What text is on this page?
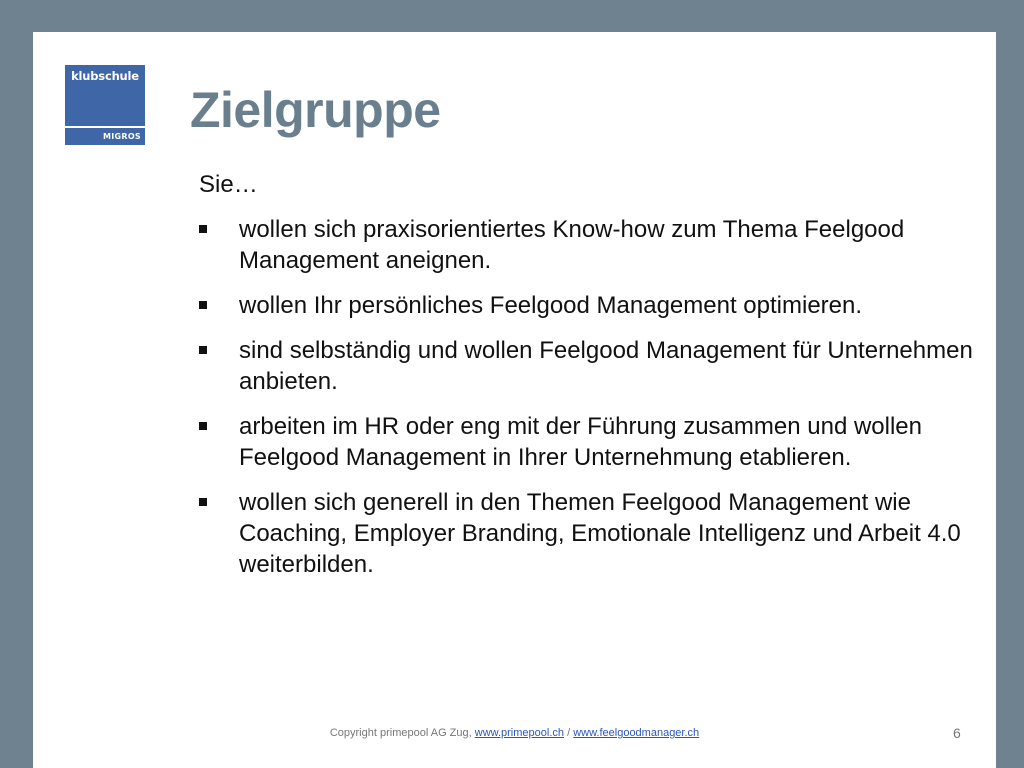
klubschule
MIGROS Zielgruppe
Sie…
wollen sich praxisorientiertes Know-how zum Thema Feelgood Management aneignen.
wollen Ihr persönliches Feelgood Management optimieren.
sind selbständig und wollen Feelgood Management für Unternehmen anbieten.
arbeiten im HR oder eng mit der Führung zusammen und wollen Feelgood Management in Ihrer Unternehmung etablieren.
wollen sich generell in den Themen Feelgood Management wie Coaching, Employer Branding, Emotionale Intelligenz und Arbeit 4.0 weiterbilden.
Copyright primepool AG Zug, www.primepool.ch / www.feelgoodmanager.ch	6
